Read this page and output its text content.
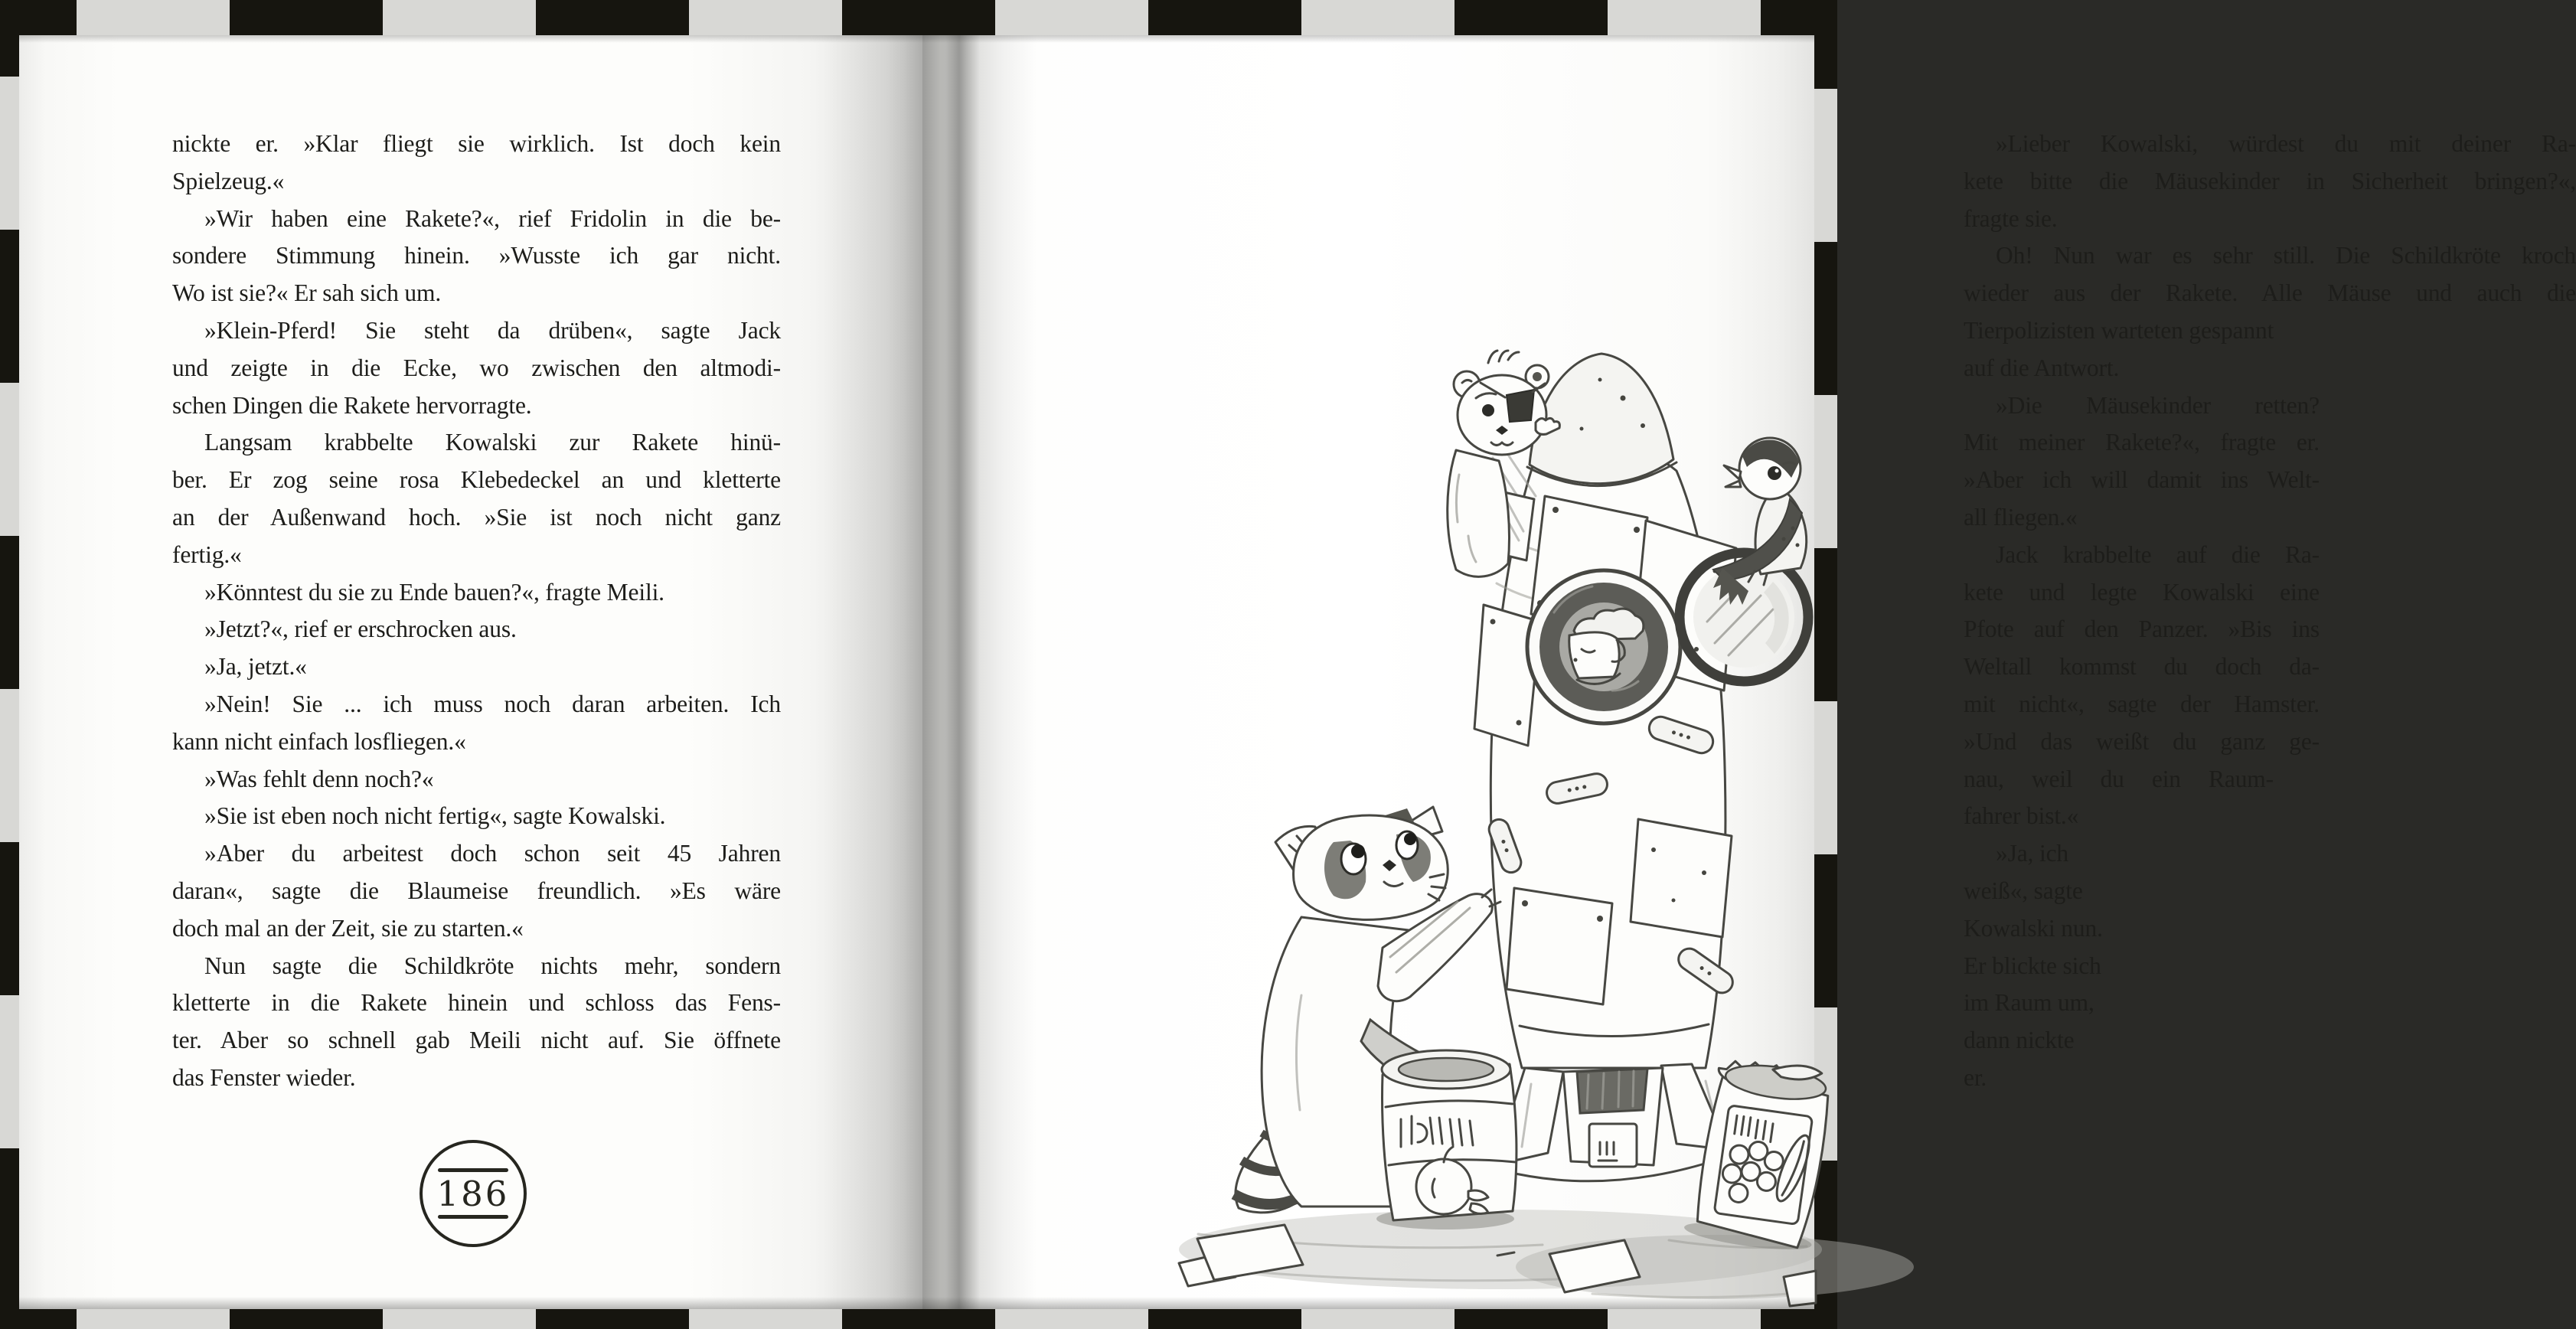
nickte er. »Klar fliegt sie wirklich. Ist doch kein
Spielzeug.«
»Wir haben eine Rakete?«, rief Fridolin in die be-
sondere Stimmung hinein. »Wusste ich gar nicht.
Wo ist sie?« Er sah sich um.
»Klein-Pferd! Sie steht da drüben«, sagte Jack
und zeigte in die Ecke, wo zwischen den altmodi-
schen Dingen die Rakete hervorragte.
Langsam krabbelte Kowalski zur Rakete hinü-
ber. Er zog seine rosa Klebedeckel an und kletterte
an der Außenwand hoch. »Sie ist noch nicht ganz
fertig.«
»Könntest du sie zu Ende bauen?«, fragte Meili.
»Jetzt?«, rief er erschrocken aus.
»Ja, jetzt.«
»Nein! Sie ... ich muss noch daran arbeiten. Ich
kann nicht einfach losfliegen.«
»Was fehlt denn noch?«
»Sie ist eben noch nicht fertig«, sagte Kowalski.
»Aber du arbeitest doch schon seit 45 Jahren
daran«, sagte die Blaumeise freundlich. »Es wäre
doch mal an der Zeit, sie zu starten.«
Nun sagte die Schildkröte nichts mehr, sondern
kletterte in die Rakete hinein und schloss das Fens-
ter. Aber so schnell gab Meili nicht auf. Sie öffnete
das Fenster wieder.
186
»Lieber Kowalski, würdest du mit deiner Ra-
kete bitte die Mäusekinder in Sicherheit bringen?«,
fragte sie.
Oh! Nun war es sehr still. Die Schildkröte kroch
wieder aus der Rakete. Alle Mäuse und auch die
Tierpolizisten warteten gespannt
auf die Antwort.
»Die Mäusekinder retten?
Mit meiner Rakete?«, fragte er.
»Aber ich will damit ins Welt-
all fliegen.«
Jack krabbelte auf die Ra-
kete und legte Kowalski eine
Pfote auf den Panzer. »Bis ins
Weltall kommst du doch da-
mit nicht«, sagte der Hamster.
»Und das weißt du ganz ge-
nau, weil du ein Raum-
fahrer bist.«
»Ja, ich
weiß«, sagte
Kowalski nun.
Er blickte sich
im Raum um,
dann nickte
er.
